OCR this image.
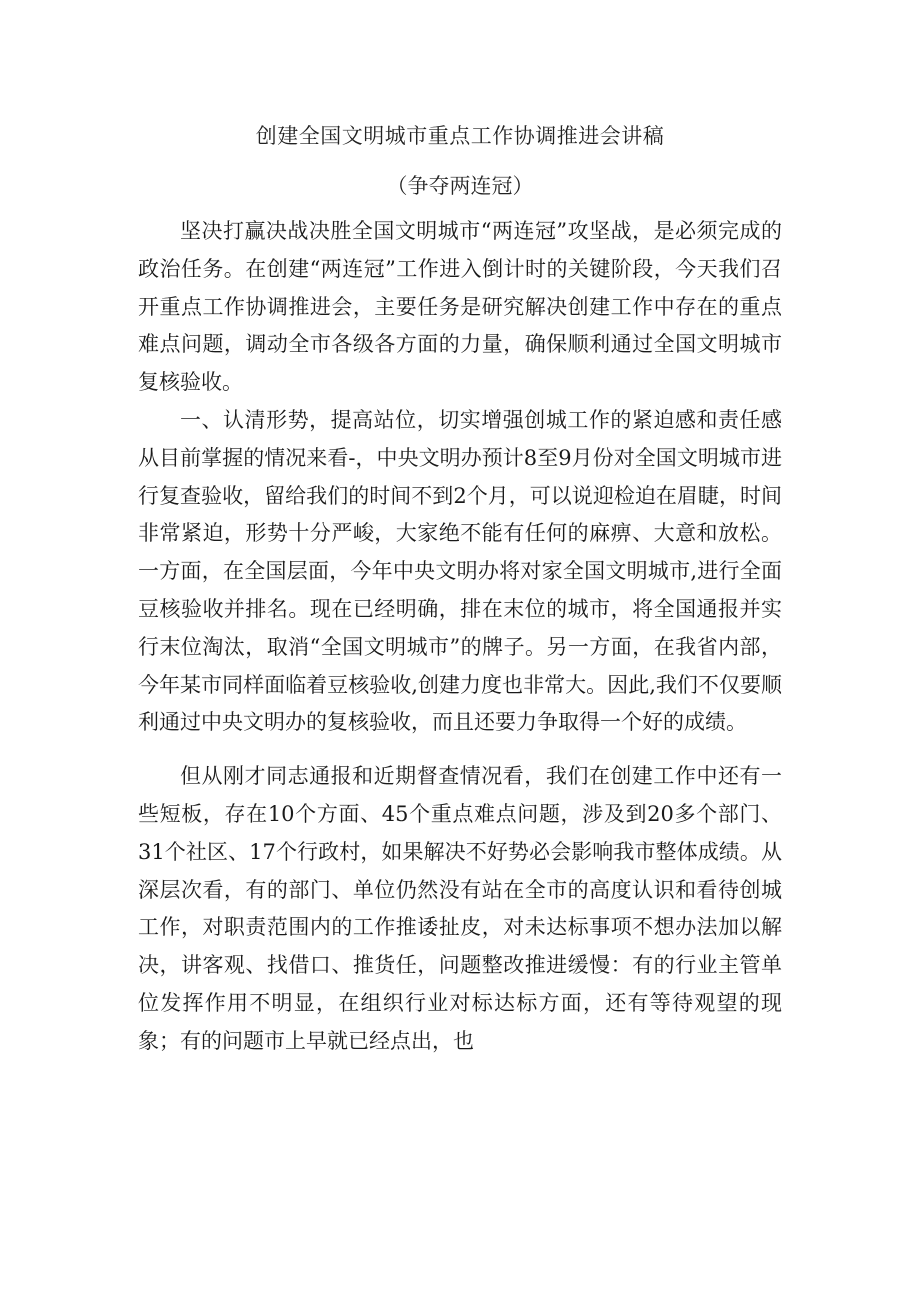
创建全国文明城市重点工作协调推进会讲稿
（争夺两连冠）

坚决打赢决战决胜全国文明城市“两连冠”攻坚战，是必须完成的政治任务。在创建“两连冠”工作进入倒计时的关键阶段，今天我们召开重点工作协调推进会，主要任务是研究解决创建工作中存在的重点难点问题，调动全市各级各方面的力量，确保顺利通过全国文明城市复核验收。

一、认清形势，提高站位，切实增强创城工作的紧迫感和责任感从目前掌握的情况来看-，中央文明办预计8至9月份对全国文明城市进行复查验收，留给我们的时间不到2个月，可以说迎检迫在眉睫，时间非常紧迫，形势十分严峻，大家绝不能有任何的麻痹、大意和放松。一方面，在全国层面，今年中央文明办将对家全国文明城市,进行全面豆核验收并排名。现在已经明确，排在末位的城市，将全国通报并实行末位淘汰，取消“全国文明城市”的牌子。另一方面，在我省内部，今年某市同样面临着豆核验收,创建力度也非常大。因此,我们不仅要顺利通过中央文明办的复核验收，而且还要力争取得一个好的成绩。

但从刚才同志通报和近期督查情况看，我们在创建工作中还有一些短板，存在10个方面、45个重点难点问题，涉及到20多个部门、31个社区、17个行政村，如果解决不好势必会影响我市整体成绩。从深层次看，有的部门、单位仍然没有站在全市的高度认识和看待创城工作，对职责范围内的工作推诿扯皮，对未达标事项不想办法加以解决，讲客观、找借口、推货任，问题整改推进缓慢：有的行业主管单位发挥作用不明显，在组织行业对标达标方面，还有等待观望的现象；有的问题市上早就已经点出，也
